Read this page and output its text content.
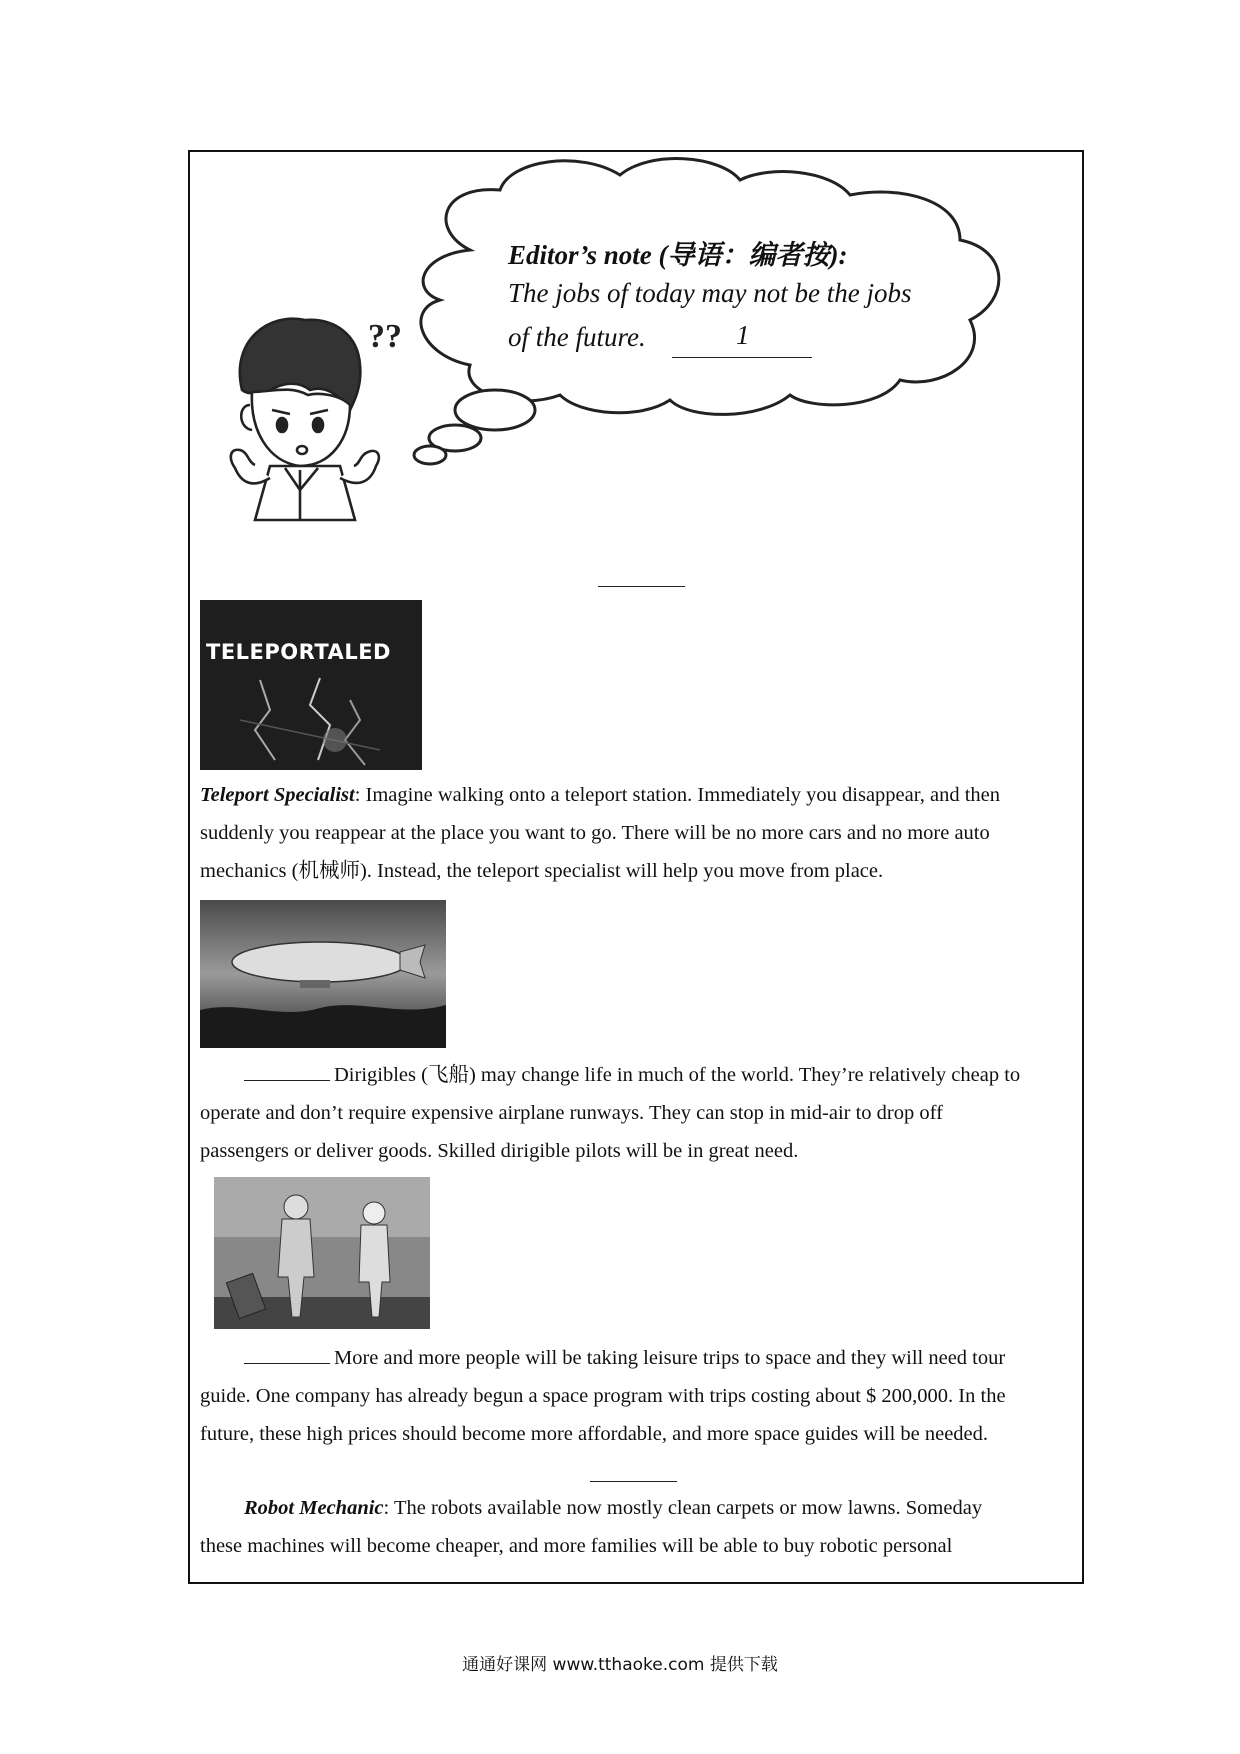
??
Editor’s note (导语：编者按):
The jobs of today may not be the jobs
of the future.	1
TELEPORTALED
Teleport Specialist: Imagine walking onto a teleport station. Immediately you disappear, and then
suddenly you reappear at the place you want to go. There will be no more cars and no more auto
mechanics (机械师). Instead, the teleport specialist will help you move from place.
Dirigibles (飞船) may change life in much of the world. They’re relatively cheap to
operate and don’t require expensive airplane runways. They can stop in mid-air to drop off
passengers or deliver goods. Skilled dirigible pilots will be in great need.
More and more people will be taking leisure trips to space and they will need tour
guide. One company has already begun a space program with trips costing about $ 200,000. In the
future, these high prices should become more affordable, and more space guides will be needed.
Robot Mechanic: The robots available now mostly clean carpets or mow lawns. Someday
these machines will become cheaper, and more families will be able to buy robotic personal
通通好课网 www.tthaoke.com 提供下载
